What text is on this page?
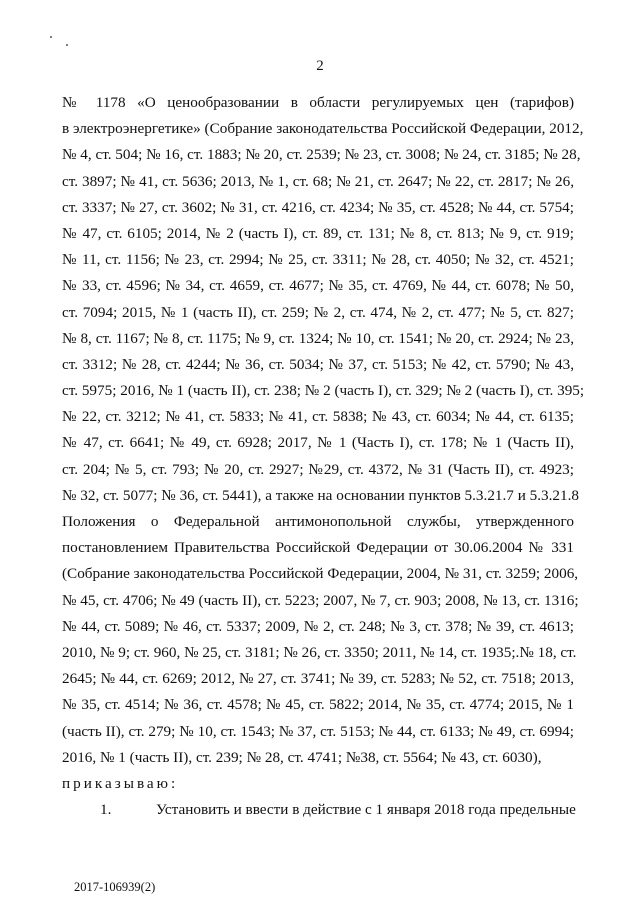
2
№ 1178 «О ценообразовании в области регулируемых цен (тарифов)
в электроэнергетике» (Собрание законодательства Российской Федерации, 2012,
№ 4, ст. 504; № 16, ст. 1883; № 20, ст. 2539; № 23, ст. 3008; № 24, ст. 3185; № 28,
ст. 3897; № 41, ст. 5636; 2013, № 1, ст. 68; № 21, ст. 2647; № 22, ст. 2817; № 26,
ст. 3337; № 27, ст. 3602; № 31, ст. 4216, ст. 4234; № 35, ст. 4528; № 44, ст. 5754;
№ 47, ст. 6105; 2014, № 2 (часть I), ст. 89, ст. 131; № 8, ст. 813; № 9, ст. 919;
№ 11, ст. 1156; № 23, ст. 2994; № 25, ст. 3311; № 28, ст. 4050; № 32, ст. 4521;
№ 33, ст. 4596; № 34, ст. 4659, ст. 4677; № 35, ст. 4769, № 44, ст. 6078; № 50,
ст. 7094; 2015, № 1 (часть II), ст. 259; № 2, ст. 474, № 2, ст. 477; № 5, ст. 827;
№ 8, ст. 1167; № 8, ст. 1175; № 9, ст. 1324; № 10, ст. 1541; № 20, ст. 2924; № 23,
ст. 3312; № 28, ст. 4244; № 36, ст. 5034; № 37, ст. 5153; № 42, ст. 5790; № 43,
ст. 5975; 2016, № 1 (часть II), ст. 238; № 2 (часть I), ст. 329; № 2 (часть I), ст. 395;
№ 22, ст. 3212; № 41, ст. 5833; № 41, ст. 5838; № 43, ст. 6034; № 44, ст. 6135;
№ 47, ст. 6641; № 49, ст. 6928; 2017, № 1 (Часть I), ст. 178; № 1 (Часть II),
ст. 204; № 5, ст. 793; № 20, ст. 2927; №29, ст. 4372, № 31 (Часть II), ст. 4923;
№ 32, ст. 5077; № 36, ст. 5441), а также на основании пунктов 5.3.21.7 и 5.3.21.8
Положения о Федеральной антимонопольной службы, утвержденного
постановлением Правительства Российской Федерации от 30.06.2004 № 331
(Собрание законодательства Российской Федерации, 2004, № 31, ст. 3259; 2006,
№ 45, ст. 4706; № 49 (часть II), ст. 5223; 2007, № 7, ст. 903; 2008, № 13, ст. 1316;
№ 44, ст. 5089; № 46, ст. 5337; 2009, № 2, ст. 248; № 3, ст. 378; № 39, ст. 4613;
2010, № 9; ст. 960, № 25, ст. 3181; № 26, ст. 3350; 2011, № 14, ст. 1935;.№ 18, ст.
2645; № 44, ст. 6269; 2012, № 27, ст. 3741; № 39, ст. 5283; № 52, ст. 7518; 2013,
№ 35, ст. 4514; № 36, ст. 4578; № 45, ст. 5822; 2014, № 35, ст. 4774; 2015, № 1
(часть II), ст. 279; № 10, ст. 1543; № 37, ст. 5153; № 44, ст. 6133; № 49, ст. 6994;
2016, № 1 (часть II), ст. 239; № 28, ст. 4741; №38, ст. 5564; № 43, ст. 6030),
приказываю:
1.	Установить и ввести в действие с 1 января 2018 года предельные
2017-106939(2)
